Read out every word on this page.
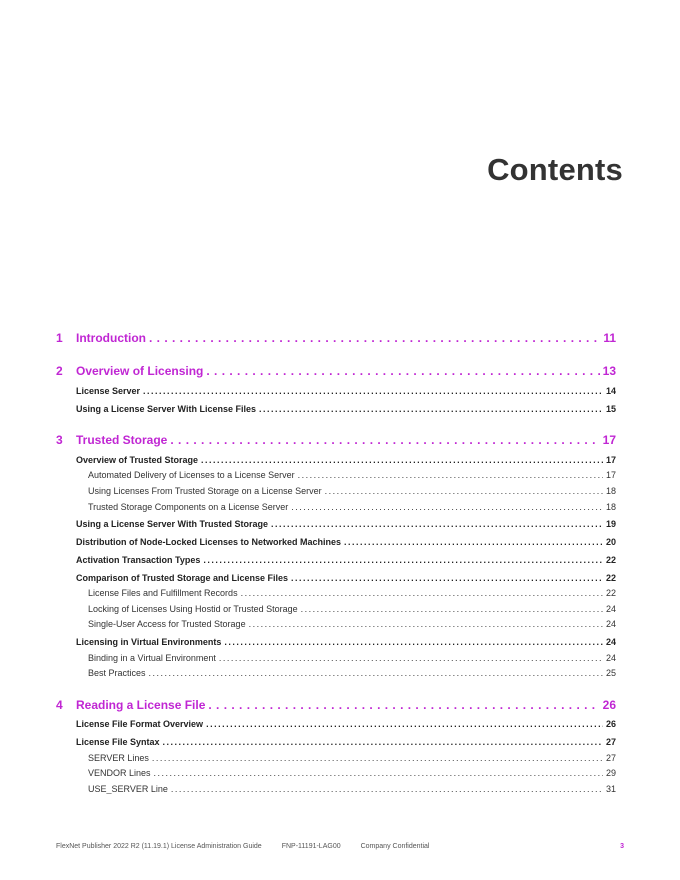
Contents
1	Introduction . . .	11
2	Overview of Licensing . . .	13
License Server . . .	14
Using a License Server With License Files . . .	15
3	Trusted Storage . . .	17
Overview of Trusted Storage . . .	17
Automated Delivery of Licenses to a License Server . . .	17
Using Licenses From Trusted Storage on a License Server . . .	18
Trusted Storage Components on a License Server . . .	18
Using a License Server With Trusted Storage . . .	19
Distribution of Node-Locked Licenses to Networked Machines . . .	20
Activation Transaction Types . . .	22
Comparison of Trusted Storage and License Files . . .	22
License Files and Fulfillment Records . . .	22
Locking of Licenses Using Hostid or Trusted Storage . . .	24
Single-User Access for Trusted Storage . . .	24
Licensing in Virtual Environments . . .	24
Binding in a Virtual Environment . . .	24
Best Practices . . .	25
4	Reading a License File . . .	26
License File Format Overview . . .	26
License File Syntax . . .	27
SERVER Lines . . .	27
VENDOR Lines . . .	29
USE_SERVER Line . . .	31
FlexNet Publisher 2022 R2 (11.19.1) License Administration Guide	FNP-11191-LAG00	Company Confidential	3
